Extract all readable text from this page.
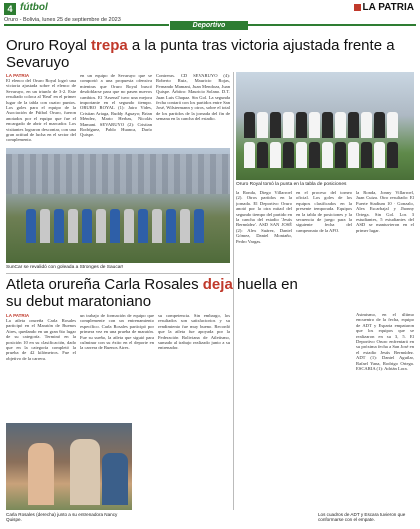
4 fútbol
Oruro - Bolivia, lunes 25 de septiembre de 2023
Deportivo
LA PATRIA
Oruro Royal trepa a la punta tras victoria ajustada frente a Sevaruyo
LA PATRIA
El elenco del Oruro Royal logró una victoria ajustada sobre el elenco de Sevaruyo, en un triunfo de 3-2. Este resultado coloca al 'Real' en el primer lugar de la tabla con cuatro puntos. Los goles para el equipo de la Asociación de Fútbol Oruro, fueron anotados por el equipo que fue el encargado de abrir el marcador. Los visitantes lograron descontar, con una gran actitud de lucha en el sector del complemento.
en un equipo de Sevaruyo que se comportó a una propuesta ofensiva mientras que Oruro Royal buscó desdoblarse para que no pasen nuevos cambios. El 'Arsenal' tuvo una mejora importante en el segundo tiempo. ORURO ROYAL (1): Jairo Vides, Cristian Ariaga, Ruddy Aguayo; Brian Méndez, Mario Herbas, Nicolás Mamani. SEVARUYO (2): Cristian Rodríguez, Pablo Huanca, Darío Quispe.
Contreras. CD SEVARUYO (4): Roberto Ruiz, Mauricio Rojas, Fernando Mamani, Juan Mendoza, Juan Quispe. Árbitro: Mauricio Solano. D.T. Juan Luis Chapaz. Sin Gol. La segunda fecha contará con los partidos entre San José, Wilstermann y otros, sobre el total de los partidos de la jornada del fin de semana en la cancha del estadio.
SunCar se revalidó con goleada a Stronges de Saucar!
Oruro Royal tomó la punta en la tabla de posiciones
la Ronda, Diego Villarroel (2). Otros partidos en la jornada. El Deportivo Oruro anotó por la otra mitad del segundo tiempo del partido en la cancha del estadio 'Jesús Bermúdez'. ASD SAN JOSÉ (2): Alex Suárez, Daniel Gómez, Daniel Montaño, Pedro Vargas.
en el proceso del torneo oficial. Los goles de los equipos clasificados en la presente temporada. Equipos en la tabla de posiciones y la secuencia de juego para la siguiente fecha del campeonato de la AFO.
la Ronda, Jonny Villarroel, Juan Cuiza. Otro resultado: El Fuerte Stadium 10 · Gonzalo, Alex Escarbajal y Jhonny Ortega. Sin Gol. Los 3 estudiantes, 5 estudiantes del ASD se mantuvieron en el primer lugar.
Asimismo, en el último encuentro de la fecha, equipo de ADT y Esparta empataron que los equipos que se realizaron en su 3, 5. El Deportivo Oruro enfrentará en su próxima fecha a San José en el estadio Jesús Bermúdez. ADT (1): Daniel Aguilar, Rafael Yana, Rodrigo Ortega. ESCARIA (1): Adrián Lora.
Atleta orureña Carla Rosales deja huella en su debut maratoniano
LA PATRIA
La atleta orureña Carla Rosales participó en el Maratón de Buenos Aires, quedando en un gran 6to lugar de su categoría. Terminó en la posición 10 en su clasificación, dado que en la categoría completó la prueba de 42 kilómetros. Fue el objetivo de la carrera.
un trabajo de formación de equipo que complemente con un entrenamiento específico. Carla Rosales participó por primera vez en una prueba de maratón. Fue su sueño, la atleta que siguió para culminar con su éxito en el deporte en la carrera de Buenos Aires.
su competencia. Sin embargo, los resultados son satisfactorios y su rendimiento fue muy bueno. Recordó que la atleta fue apoyada por la Federación Boliviana de Atletismo, sumado al trabajo realizado junto a su entrenador.
Carla Rosales (derecha) junto a su entrenadora Nancy Quispe.
Los cuadros de ADT y Escara tuvieron que conformarse con el empate.
